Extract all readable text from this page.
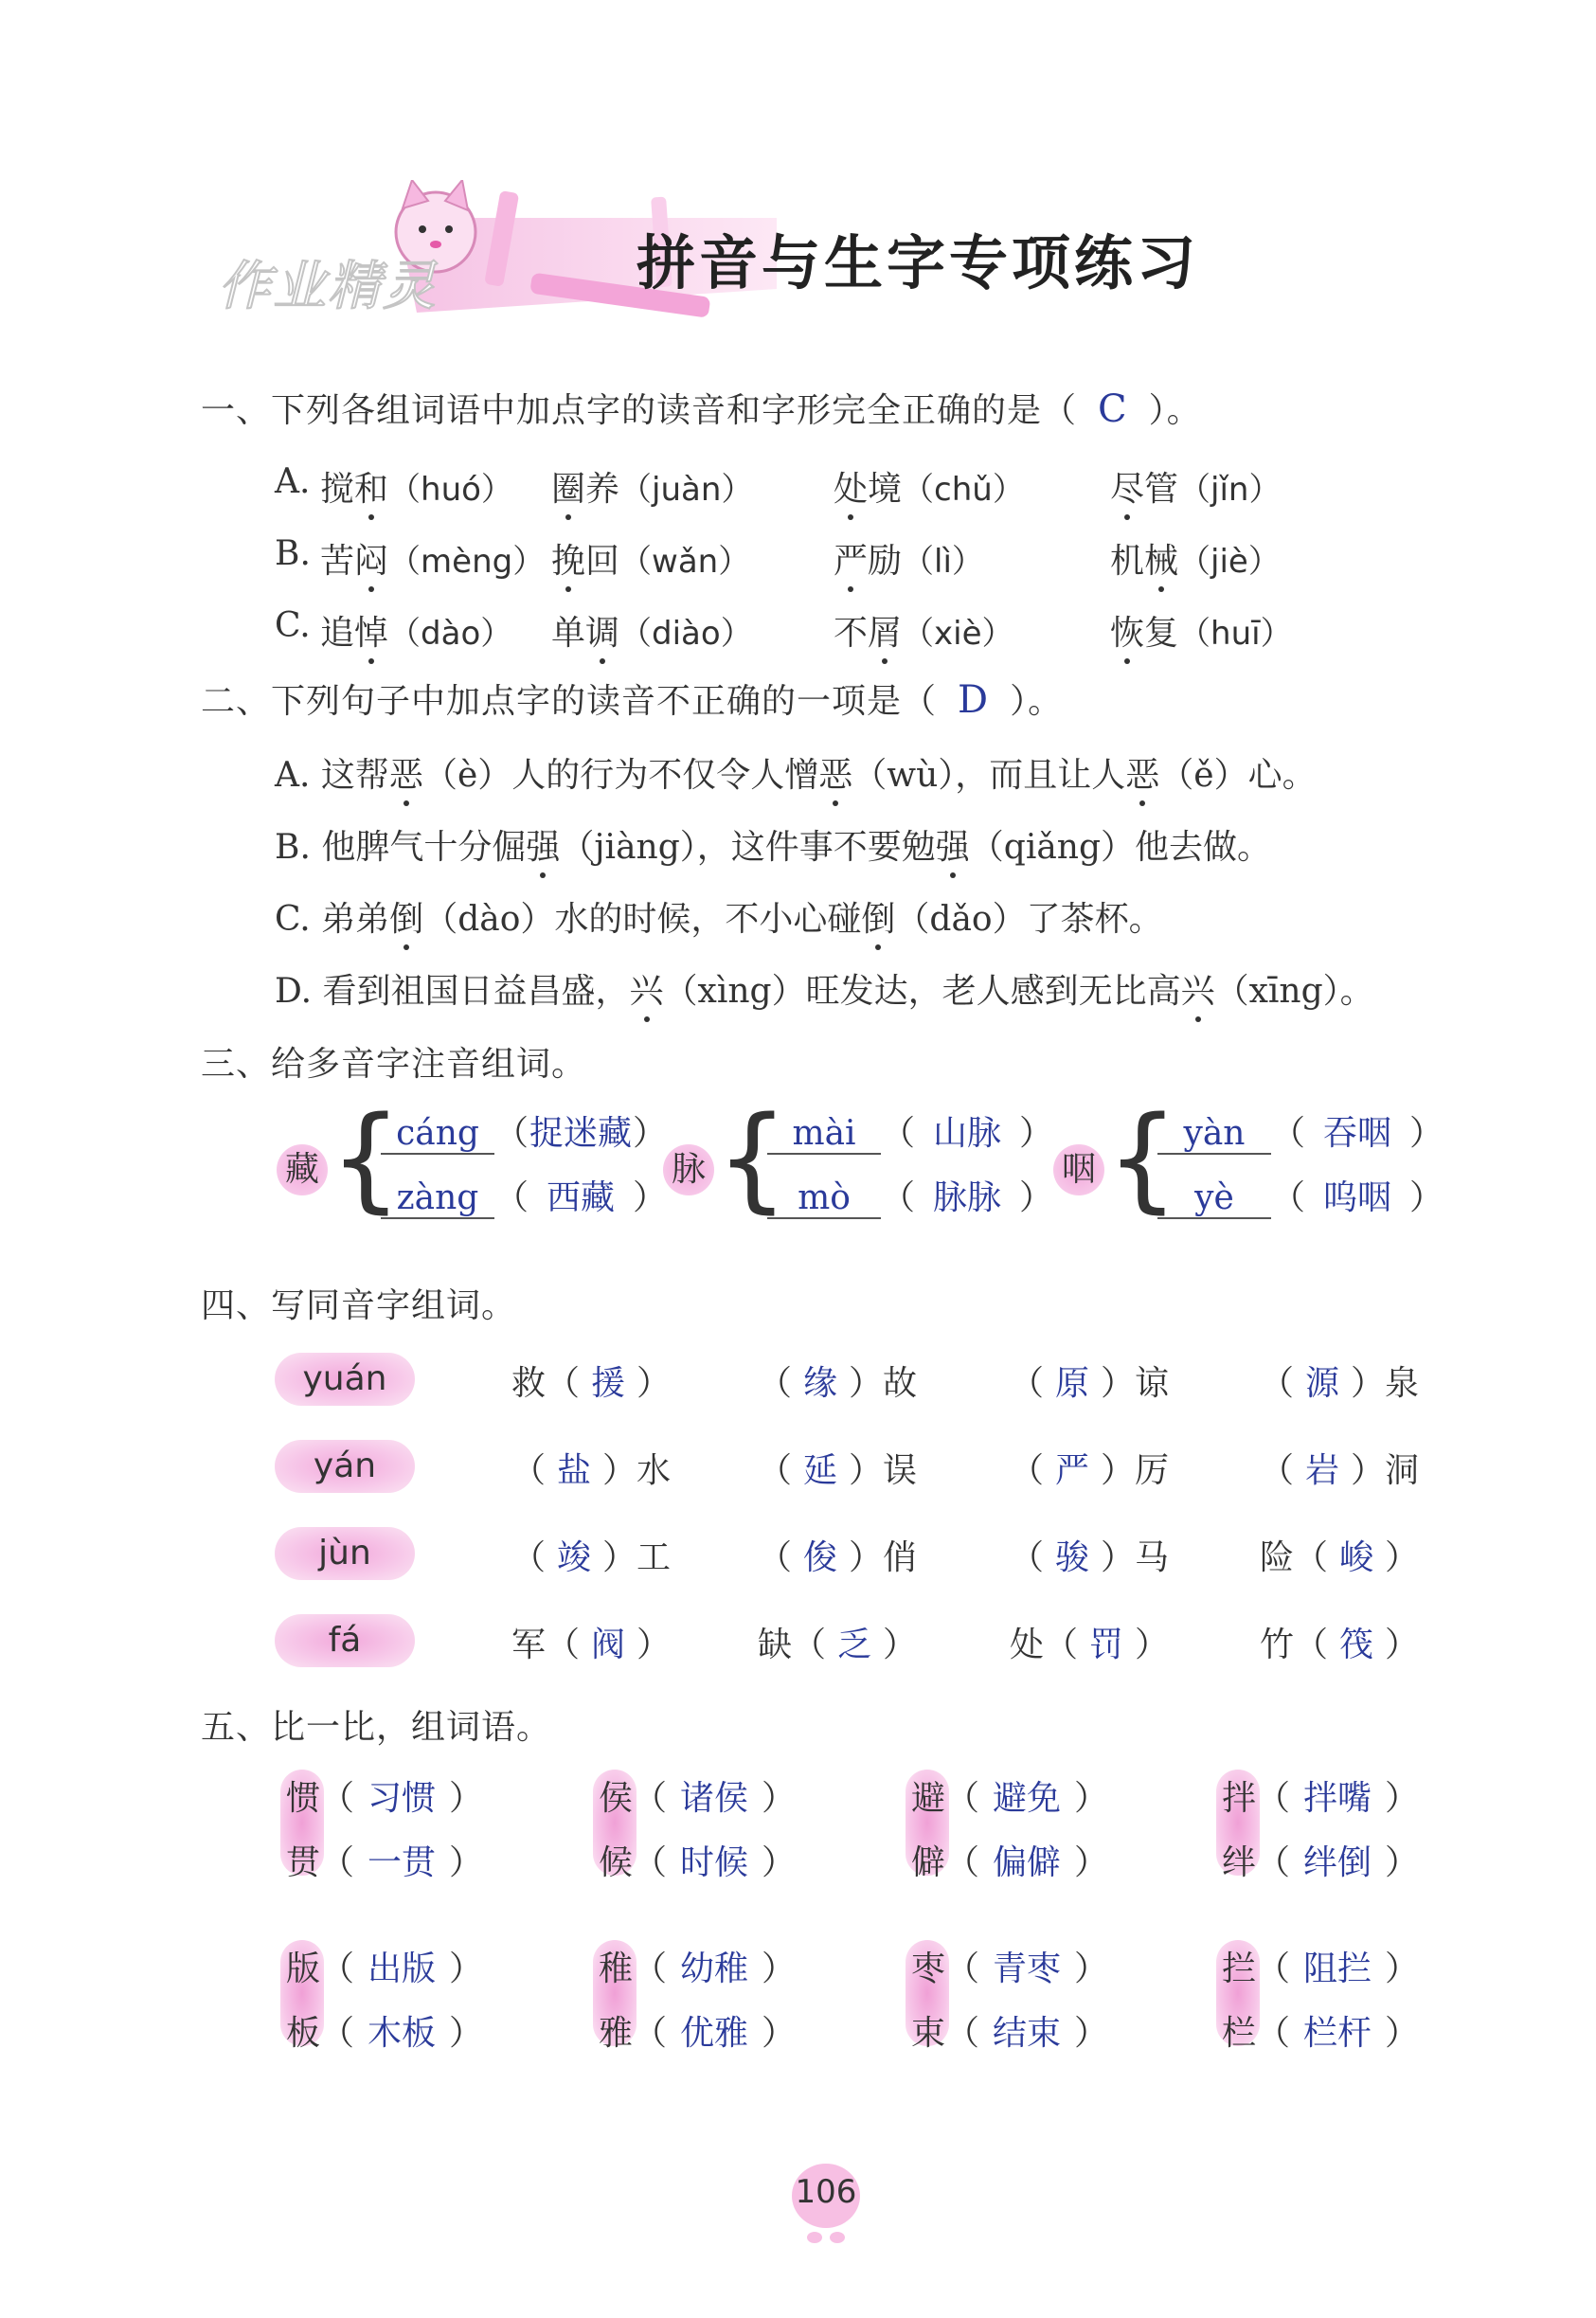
作业精灵	拼音与生字专项练习
一、下列各组词语中加点字的读音和字形完全正确的是（ C ）。
A. 搅和（huó） 圈养（juàn） 处境（chǔ）	尽管（jǐn）
B. 苦闷（mèng） 挽回（wǎn） 严励（lì）	机械（jiè）
C. 追悼（dào） 单调（diào） 不屑（xiè）	恢复（huī）
二、下列句子中加点字的读音不正确的一项是（ D ）。
A. 这帮恶（è）人的行为不仅令人憎恶（wù），而且让人恶（ě）心。
B. 他脾气十分倔强（jiàng），这件事不要勉强（qiǎng）他去做。
C. 弟弟倒（dào）水的时候，不小心碰倒（dǎo）了茶杯。
D. 看到祖国日益昌盛，兴（xìng）旺发达，老人感到无比高兴（xīng）。
三、给多音字注音组词。
藏 {
cáng （捉迷藏）
zàng （ 西藏 ）
脉 { mài （ 山脉 ）
mò （ 脉脉 ）
咽 { yàn （ 吞咽 ）
yè （ 呜咽 ）
四、写同音字组词。
yuán	救（ 援 ）	（ 缘 ）故	（ 原 ）谅	（ 源 ）泉
yán	（ 盐 ）水	（ 延 ）误	（ 严 ）厉	（ 岩 ）洞
jùn	（ 竣 ）工	（ 俊 ）俏	（ 骏 ）马	险（ 峻 ）
fá	军（ 阀 ）	缺（ 乏 ）	处（ 罚 ）	竹（ 筏 ）
五、比一比，组词语。
惯（ 习惯 ）
贯（ 一贯 ）
侯（ 诸侯 ）
候（ 时候 ）
避（ 避免 ）
僻（ 偏僻 ）
拌（ 拌嘴 ）
绊（ 绊倒 ）
版（ 出版 ）
板（ 木板 ）
稚（ 幼稚 ）
雅（ 优雅 ）
枣（ 青枣 ）
束（ 结束 ）
拦（ 阻拦 ）
栏（ 栏杆 ）
106
